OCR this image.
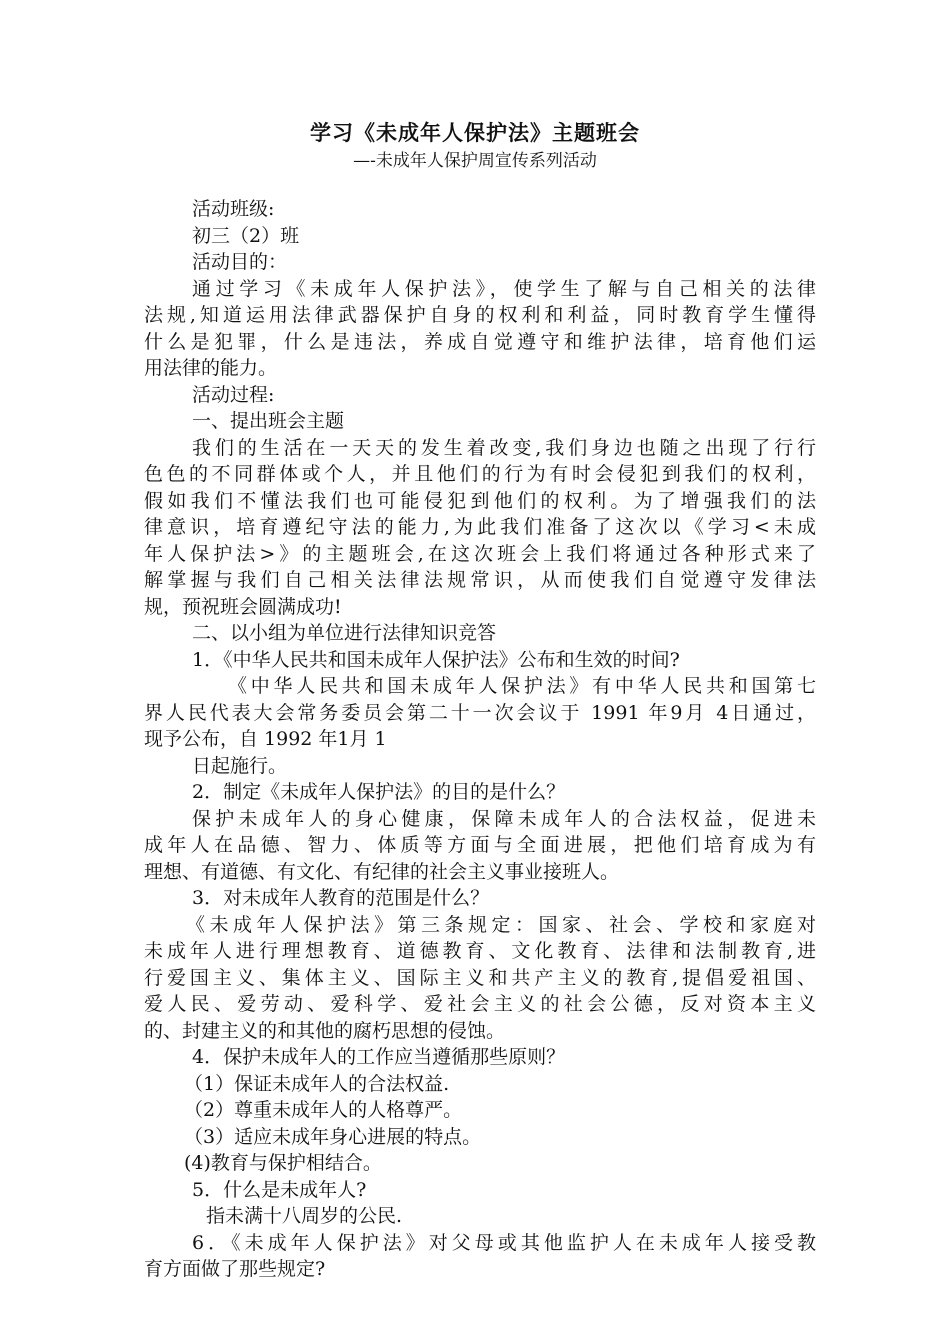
学习《未成年人保护法》主题班会
—-未成年人保护周宣传系列活动

活动班级:

初三（2）班

活动目的：

通过学习《未成年人保护法》，使学生了解与自己相关的法律

法规,知道运用法律武器保护自身的权利和利益，同时教育学生懂得

什么是犯罪，什么是违法，养成自觉遵守和维护法律，培育他们运

用法律的能力。

活动过程:

一、提出班会主题

我们的生活在一天天的发生着改变,我们身边也随之出现了行行

色色的不同群体或个人，并且他们的行为有时会侵犯到我们的权利，

假如我们不懂法我们也可能侵犯到他们的权利。为了增强我们的法

律意识，培育遵纪守法的能力,为此我们准备了这次以《学习<未成

年人保护法>》的主题班会,在这次班会上我们将通过各种形式来了

解掌握与我们自己相关法律法规常识，从而使我们自觉遵守发律法

规，预祝班会圆满成功!

二、以小组为单位进行法律知识竞答

1．《中华人民共和国未成年人保护法》公布和生效的时间?

《中华人民共和国未成年人保护法》有中华人民共和国第七

界人民代表大会常务委员会第二十一次会议于 1991 年9月 4日通过，

现予公布，自 1992 年1月 1

日起施行。

2．制定《未成年人保护法》的目的是什么？

保护未成年人的身心健康，保障未成年人的合法权益，促进未

成年人在品德、智力、体质等方面与全面进展，把他们培育成为有

理想、有道德、有文化、有纪律的社会主义事业接班人。

3．对未成年人教育的范围是什么？

《未成年人保护法》第三条规定：国家、社会、学校和家庭对

未成年人进行理想教育、道德教育、文化教育、法律和法制教育,进

行爱国主义、集体主义、国际主义和共产主义的教育,提倡爱祖国、

爱人民、爱劳动、爱科学、爱社会主义的社会公德，反对资本主义

的、封建主义的和其他的腐朽思想的侵蚀。

4．保护未成年人的工作应当遵循那些原则？

（1）保证未成年人的合法权益.

（2）尊重未成年人的人格尊严。

（3）适应未成年身心进展的特点。

(4)教育与保护相结合。

5．什么是未成年人?

指未满十八周岁的公民.

6．《未成年人保护法》对父母或其他监护人在未成年人接受教

育方面做了那些规定?
